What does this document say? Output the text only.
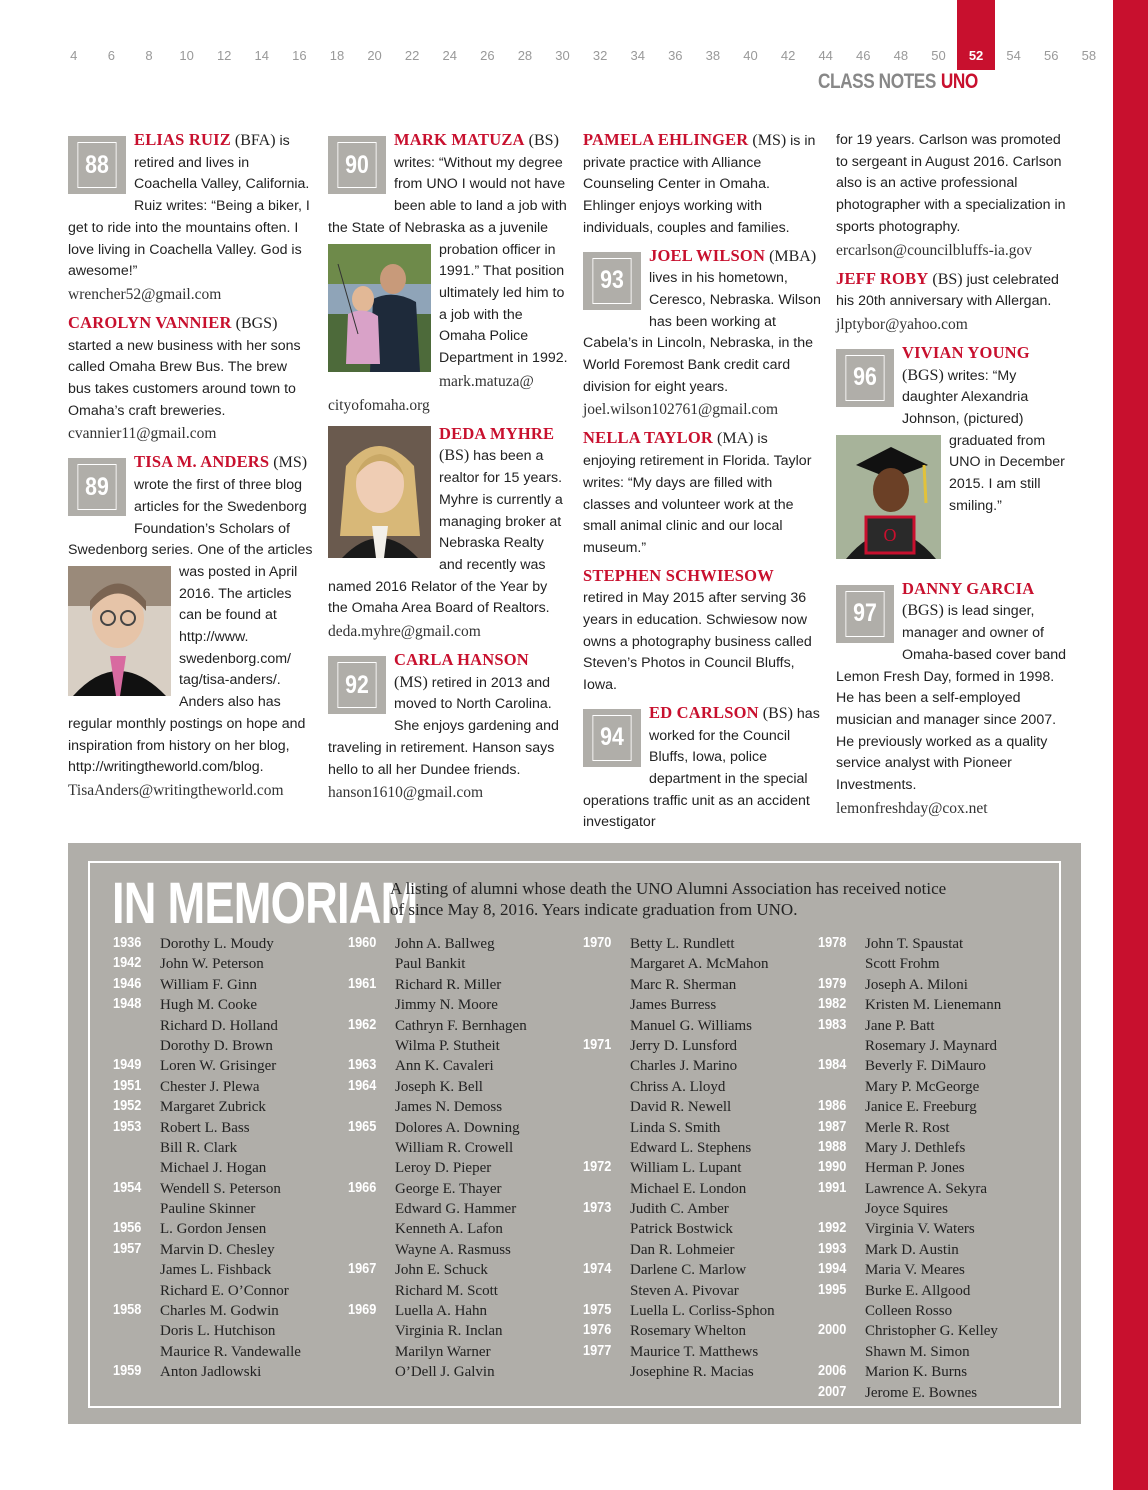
4	6	8	10	12	14	16	18	20	22	24	26	28	30	32	34	36	38	40	42	44	46	48	50	52	54	56	58
CLASS NOTES UNO
88
ELIAS RUIZ (BFA) is retired and lives in Coachella Valley, California. Ruiz writes: “Being a biker, I get to ride into the mountains often. I love living in Coachella Valley. God is awesome!”
wrencher52@gmail.com
CAROLYN VANNIER (BGS) started a new business with her sons called Omaha Brew Bus. The brew bus takes customers around town to Omaha’s craft breweries.
cvannier11@gmail.com
89
TISA M. ANDERS (MS) wrote the first of three blog articles for the Swedenborg Foundation’s Scholars of Swedenborg series. One of the articles
was posted in April 2016. The articles can be found at http://www. swedenborg.com/ tag/tisa-anders/. Anders also has regular monthly postings on hope and inspiration from history on her blog, http://writingtheworld.com/blog.
TisaAnders@writingtheworld.com
90
MARK MATUZA (BS) writes: “Without my degree from UNO I would not have been able to land a job with the State of Nebraska as a juvenile probation officer in 1991.” That position ultimately led him to a job with the Omaha Police Department in 1992.
mark.matuza@ cityofomaha.org
DEDA MYHRE
(BS) has been a realtor for 15 years. Myhre is currently a managing broker at Nebraska Realty and recently was named 2016 Relator of the Year by the Omaha Area Board of Realtors.
deda.myhre@gmail.com
92
CARLA HANSON
(MS) retired in 2013 and moved to North Carolina. She enjoys gardening and traveling in retirement. Hanson says hello to all her Dundee friends.
hanson1610@gmail.com
PAMELA EHLINGER (MS) is in private practice with Alliance Counseling Center in Omaha. Ehlinger enjoys working with individuals, couples and families.
93
JOEL WILSON (MBA) lives in his hometown, Ceresco, Nebraska. Wilson has been working at Cabela’s in Lincoln, Nebraska, in the World Foremost Bank credit card division for eight years.
joel.wilson102761@gmail.com
NELLA TAYLOR (MA) is enjoying retirement in Florida. Taylor writes: “My days are filled with classes and volunteer work at the small animal clinic and our local museum.”
STEPHEN SCHWIESOW
retired in May 2015 after serving 36 years in education. Schwiesow now owns a photography business called Steven’s Photos in Council Bluffs, Iowa.
94
ED CARLSON (BS) has worked for the Council Bluffs, Iowa, police department in the special operations traffic unit as an accident investigator
for 19 years. Carlson was promoted to sergeant in August 2016. Carlson also is an active professional photographer with a specialization in sports photography.
ercarlson@councilbluffs-ia.gov
JEFF ROBY (BS) just celebrated his 20th anniversary with Allergan.
jlptybor@yahoo.com
96
VIVIAN YOUNG
(BGS) writes: “My daughter Alexandria Johnson,
O
(pictured) graduated from UNO in December 2015. I am still smiling.”
97
DANNY GARCIA
(BGS) is lead singer, manager and owner of Omaha-based cover band Lemon Fresh Day, formed in 1998. He has been a self-employed musician and manager since 2007. He previously worked as a quality service analyst with Pioneer Investments.
lemonfreshday@cox.net
IN MEMORIAM
A listing of alumni whose death the UNO Alumni Association has received notice of since May 8, 2016. Years indicate graduation from UNO.
1936	Dorothy L. Moudy
1942	John W. Peterson
1946	William F. Ginn
1948	Hugh M. Cooke
Richard D. Holland
Dorothy D. Brown
1949	Loren W. Grisinger
1951	Chester J. Plewa
1952	Margaret Zubrick
1953	Robert L. Bass
Bill R. Clark
Michael J. Hogan
1954	Wendell S. Peterson
Pauline Skinner
1956	L. Gordon Jensen
1957	Marvin D. Chesley
James L. Fishback
Richard E. O’Connor
1958	Charles M. Godwin
Doris L. Hutchison
Maurice R. Vandewalle
1959	Anton Jadlowski
1960	John A. Ballweg
Paul Bankit
1961	Richard R. Miller
Jimmy N. Moore
1962	Cathryn F. Bernhagen
Wilma P. Stutheit
1963	Ann K. Cavaleri
1964	Joseph K. Bell
James N. Demoss
1965	Dolores A. Downing
William R. Crowell
Leroy D. Pieper
1966	George E. Thayer
Edward G. Hammer
Kenneth A. Lafon
Wayne A. Rasmuss
1967	John E. Schuck
Richard M. Scott
1969	Luella A. Hahn
Virginia R. Inclan
Marilyn Warner
O’Dell J. Galvin
1970	Betty L. Rundlett
Margaret A. McMahon
Marc R. Sherman
James Burress
Manuel G. Williams
1971	Jerry D. Lunsford
Charles J. Marino
Chriss A. Lloyd
David R. Newell
Linda S. Smith
Edward L. Stephens
1972	William L. Lupant
Michael E. London
1973	Judith C. Amber
Patrick Bostwick
Dan R. Lohmeier
1974	Darlene C. Marlow
Steven A. Pivovar
1975	Luella L. Corliss-Sphon
1976	Rosemary Whelton
1977	Maurice T. Matthews
Josephine R. Macias
1978	John T. Spaustat
Scott Frohm
1979	Joseph A. Miloni
1982	Kristen M. Lienemann
1983	Jane P. Batt
Rosemary J. Maynard
1984	Beverly F. DiMauro
Mary P. McGeorge
1986	Janice E. Freeburg
1987	Merle R. Rost
1988	Mary J. Dethlefs
1990	Herman P. Jones
1991	Lawrence A. Sekyra
Joyce Squires
1992	Virginia V. Waters
1993	Mark D. Austin
1994	Maria V. Meares
1995	Burke E. Allgood
Colleen Rosso
2000	Christopher G. Kelley
Shawn M. Simon
2006	Marion K. Burns
2007	Jerome E. Bownes
